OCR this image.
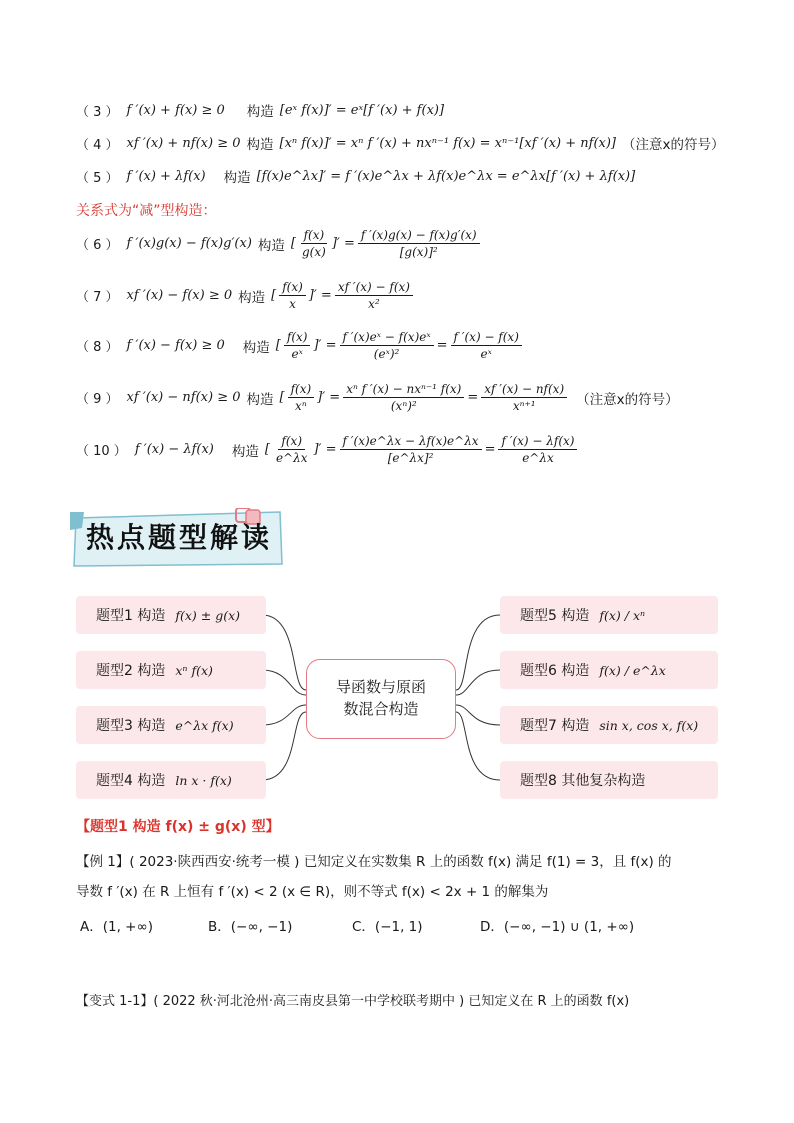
（ 3 ） f ′(x) + f(x) ≥ 0 构造 [eˣ f(x)]′ = eˣ[f ′(x) + f(x)]
（ 4 ） xf ′(x) + nf(x) ≥ 0 构造 [xⁿ f(x)]′ = xⁿ f ′(x) + nxⁿ⁻¹ f(x) = xⁿ⁻¹[xf ′(x) + nf(x)] （注意x的符号）
（ 5 ） f ′(x) + λf(x) 构造 [f(x)e^λx]′ = f ′(x)e^λx + λf(x)e^λx = e^λx[f ′(x) + λf(x)]
关系式为“减”型构造：
（ 6 ） f ′(x)g(x) − f(x)g′(x) 构造 [ $\frac{f(x)}{g(x)}$ ]′ = $\frac{f '(x)g(x) - f(x)g'(x)}{\text{[g(x)]²}}$
（ 7 ） xf ′(x) − f(x) ≥ 0 构造 [ $\frac{f(x)}{x}$ ]′ = $\frac{xf '(x) - f(x)}{\text{x²}}$
（ 8 ） f ′(x) − f(x) ≥ 0 构造 [ $\frac{f(x)}{\text{eˣ}}$ ]′ = $\frac{\text{f ′(x)eˣ − f(x)eˣ}}{\text{(eˣ)²}} = \frac{f '(x) - f(x)}{\text{eˣ}}$
（ 9 ） xf ′(x) − nf(x) ≥ 0 构造 [ $\frac{f(x)}{\text{xⁿ}}$ ]′ = $\frac{\text{xⁿ f ′(x) − nxⁿ⁻¹ f(x)}}{\text{(xⁿ)²}} = \frac{xf '(x) - nf(x)}{\text{xⁿ⁺¹}}$ （注意x的符号）
（ 10 ） f ′(x) − λf(x) 构造 [ $\frac{f(x)}{e\^{}\lambda x}$ ]′ = $\frac{f '(x)e\^{}\lambda x - \lambda f(x)e\^{}\lambda x}{\text{[e\textasciicircum{}λx]²}} = \frac{f '(x) - \lambda f(x)}{e\^{}\lambda x}$
热点题型解读
题型1 构造 f(x) ± g(x)
题型2 构造 xⁿ f(x)
题型3 构造 e^λx f(x)
题型4 构造 ln x · f(x)
导函数与原函
数混合构造
题型5 构造 f(x) / xⁿ
题型6 构造 f(x) / e^λx
题型7 构造 sin x, cos x, f(x)
题型8 其他复杂构造
【题型1 构造 f(x) ± g(x) 型】
【例 1】( 2023·陕西西安·统考一模 ) 已知定义在实数集 R 上的函数 f(x) 满足 f(1) = 3，且 f(x) 的
导数 f ′(x) 在 R 上恒有 f ′(x) < 2 (x ∈ R)，则不等式 f(x) < 2x + 1 的解集为
A．(1, +∞)	B．(−∞, −1)	C．(−1, 1)	D．(−∞, −1) ∪ (1, +∞)
【变式 1-1】( 2022 秋·河北沧州·高三南皮县第一中学校联考期中 ) 已知定义在 R 上的函数 f(x)
